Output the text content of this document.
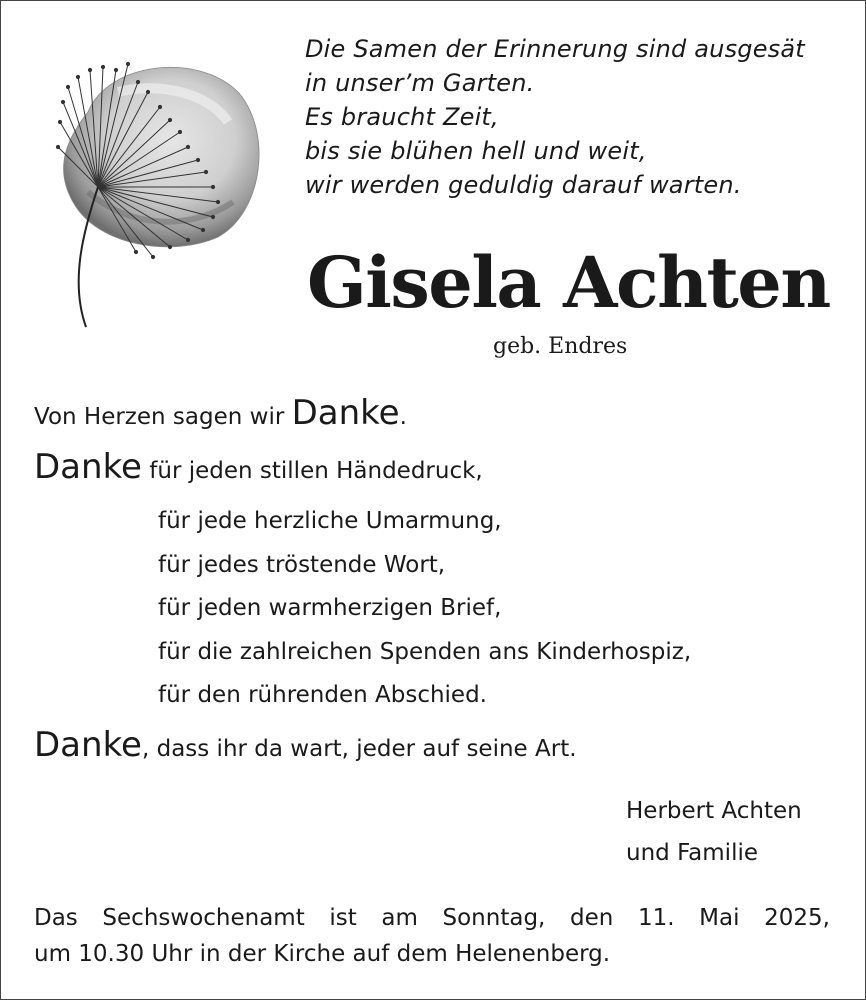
Die Samen der Erinnerung sind ausgesät
in unser’m Garten.
Es braucht Zeit,
bis sie blühen hell und weit,
wir werden geduldig darauf warten.
Gisela Achten
geb. Endres
Von Herzen sagen wir Danke.
Danke für jeden stillen Händedruck,
für jede herzliche Umarmung,
für jedes tröstende Wort,
für jeden warmherzigen Brief,
für die zahlreichen Spenden ans Kinderhospiz,
für den rührenden Abschied.
Danke, dass ihr da wart, jeder auf seine Art.
Herbert Achten
und Familie
Das Sechswochenamt ist am Sonntag, den 11. Mai 2025,
um 10.30 Uhr in der Kirche auf dem Helenenberg.
